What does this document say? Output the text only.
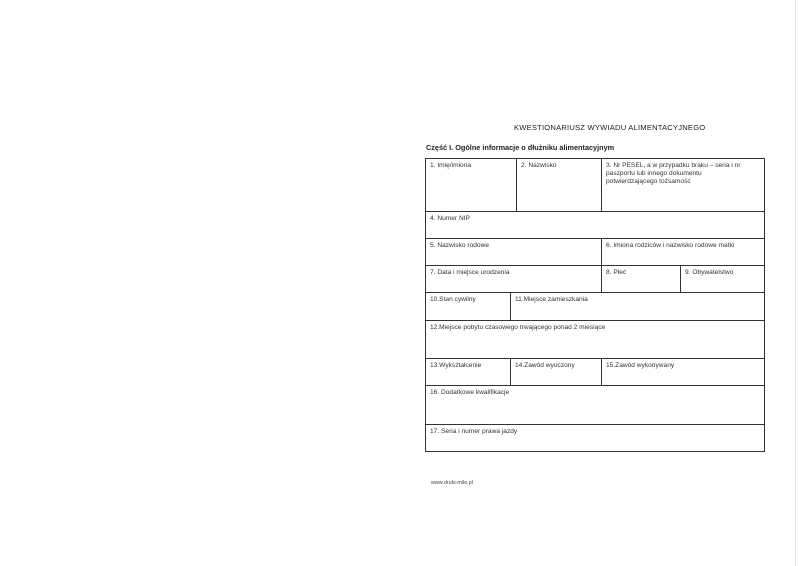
KWESTIONARIUSZ WYWIADU ALIMENTACYJNEGO
Część I. Ogólne informacje o dłużniku alimentacyjnym
1. Imię/imiona	2. Nazwisko	3. Nr PESEL, a w przypadku braku – seria i nr paszportu lub innego dokumentu potwierdzającego tożsamość
4. Numer NIP
5. Nazwisko rodowe	6. Imiona rodziców i nazwisko rodowe matki
7. Data i miejsce urodzenia	8. Płeć	9. Obywatelstwo
10.Stan cywilny	11.Miejsce zamieszkania
12.Miejsce pobytu czasowego trwającego ponad 2 miesiące
13.Wykształcenie	14.Zawód wyuczony	15.Zawód wykonywany
16. Dodatkowe kwalifikacje
17. Seria i numer prawa jazdy
www.druki-mile.pl
